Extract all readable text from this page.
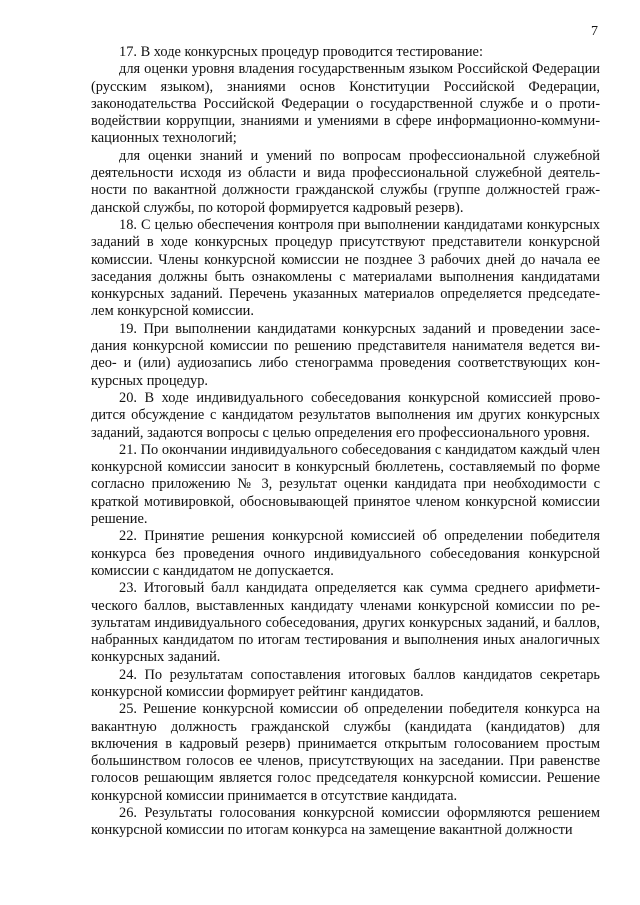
7

17. В ходе конкурсных процедур проводится тестирование:

для оценки уровня владения государственным языком Российской Федерации (русским языком), знаниями основ Конституции Российской Федерации, законодательства Российской Федерации о государственной службе и о противодействии коррупции, знаниями и умениями в сфере информационно-коммуникационных технологий;

для оценки знаний и умений по вопросам профессиональной служебной деятельности исходя из области и вида профессиональной служебной деятельности по вакантной должности гражданской службы (группе должностей гражданской службы, по которой формируется кадровый резерв).

18. С целью обеспечения контроля при выполнении кандидатами конкурсных заданий в ходе конкурсных процедур присутствуют представители конкурсной комиссии. Члены конкурсной комиссии не позднее 3 рабочих дней до начала ее заседания должны быть ознакомлены с материалами выполнения кандидатами конкурсных заданий. Перечень указанных материалов определяется председателем конкурсной комиссии.

19. При выполнении кандидатами конкурсных заданий и проведении заседания конкурсной комиссии по решению представителя нанимателя ведется видео- и (или) аудиозапись либо стенограмма проведения соответствующих конкурсных процедур.

20. В ходе индивидуального собеседования конкурсной комиссией проводится обсуждение с кандидатом результатов выполнения им других конкурсных заданий, задаются вопросы с целью определения его профессионального уровня.

21. По окончании индивидуального собеседования с кандидатом каждый член конкурсной комиссии заносит в конкурсный бюллетень, составляемый по форме согласно приложению № 3, результат оценки кандидата при необходимости с краткой мотивировкой, обосновывающей принятое членом конкурсной комиссии решение.

22. Принятие решения конкурсной комиссией об определении победителя конкурса без проведения очного индивидуального собеседования конкурсной комиссии с кандидатом не допускается.

23. Итоговый балл кандидата определяется как сумма среднего арифметического баллов, выставленных кандидату членами конкурсной комиссии по результатам индивидуального собеседования, других конкурсных заданий, и баллов, набранных кандидатом по итогам тестирования и выполнения иных аналогичных конкурсных заданий.

24. По результатам сопоставления итоговых баллов кандидатов секретарь конкурсной комиссии формирует рейтинг кандидатов.

25. Решение конкурсной комиссии об определении победителя конкурса на вакантную должность гражданской службы (кандидата (кандидатов) для включения в кадровый резерв) принимается открытым голосованием простым большинством голосов ее членов, присутствующих на заседании. При равенстве голосов решающим является голос председателя конкурсной комиссии. Решение конкурсной комиссии принимается в отсутствие кандидата.

26. Результаты голосования конкурсной комиссии оформляются решением конкурсной комиссии по итогам конкурса на замещение вакантной должности
